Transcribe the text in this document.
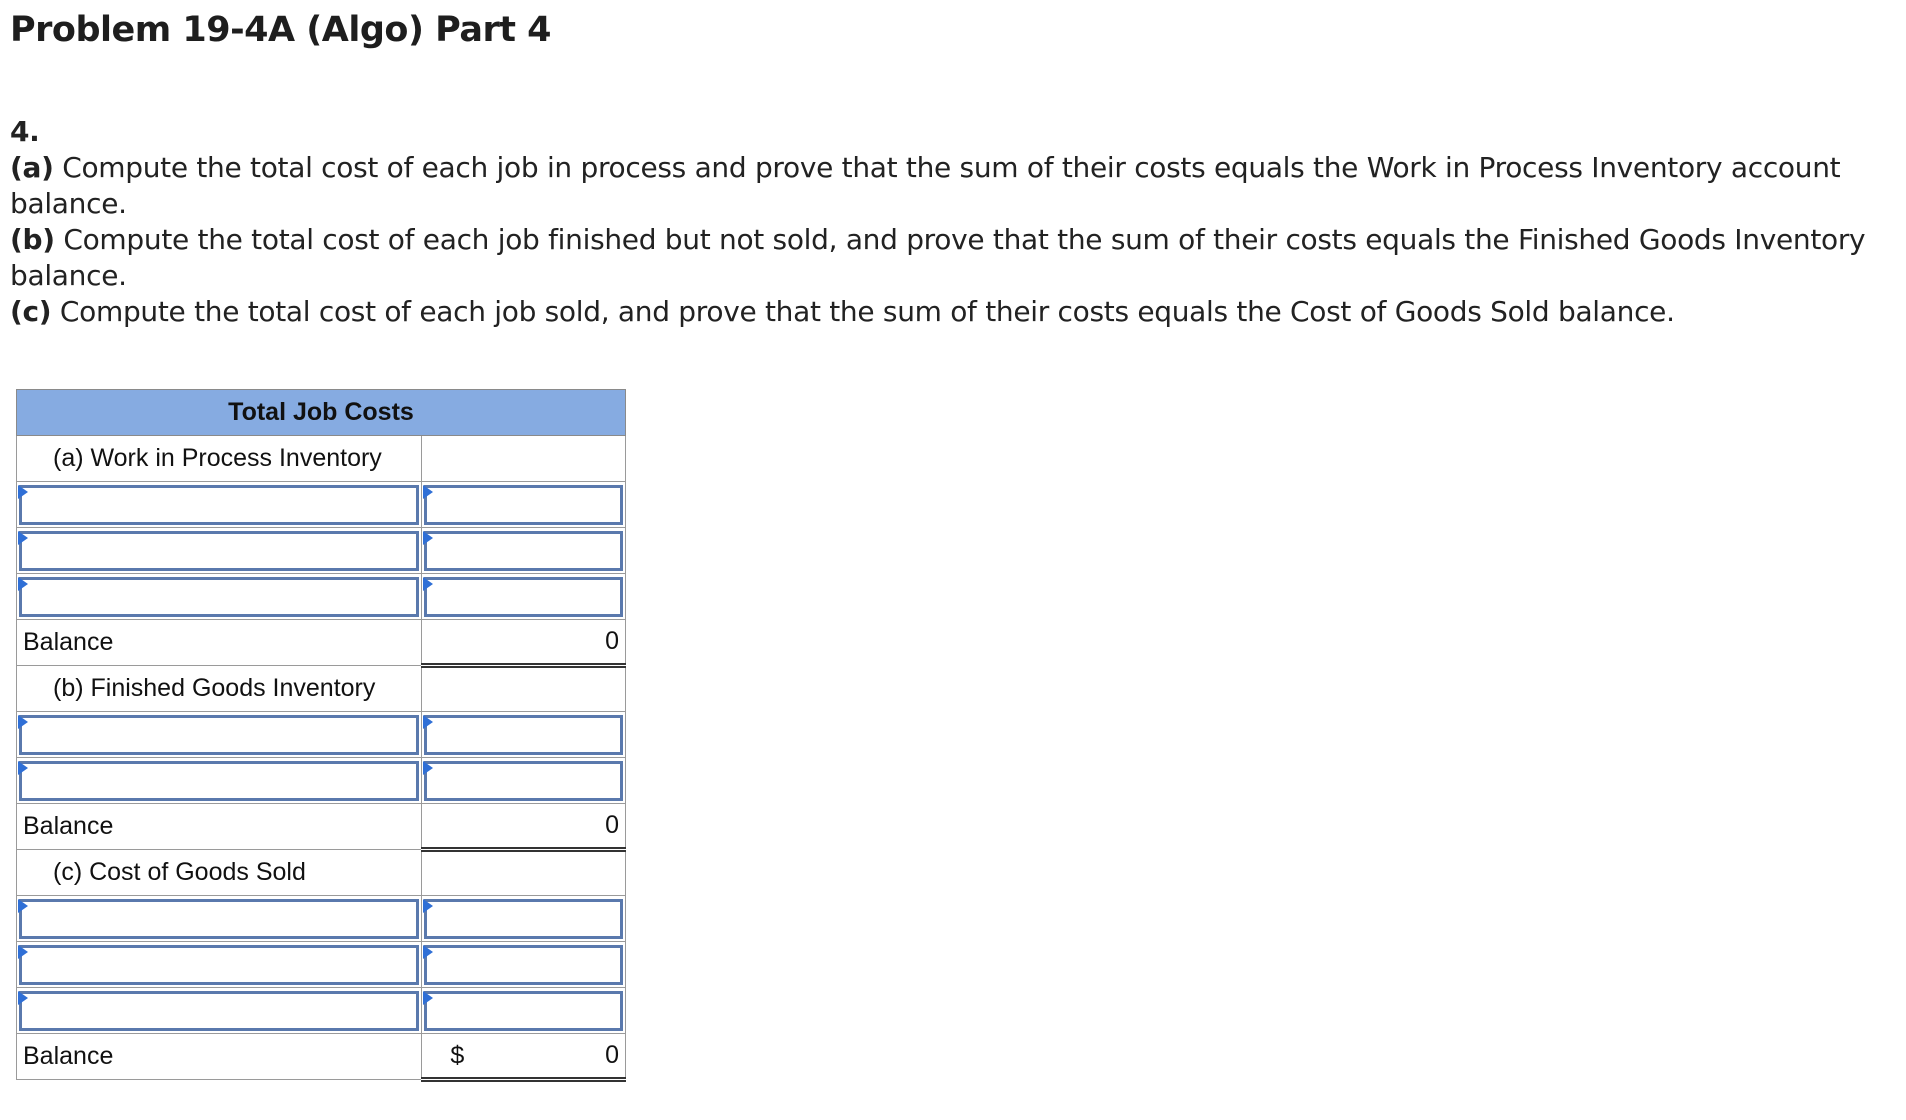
Problem 19-4A (Algo) Part 4
4.

(a) Compute the total cost of each job in process and prove that the sum of their costs equals the Work in Process Inventory account balance.

(b) Compute the total cost of each job finished but not sold, and prove that the sum of their costs equals the Finished Goods Inventory balance.

(c) Compute the total cost of each job sold, and prove that the sum of their costs equals the Cost of Goods Sold balance.

Total Job Costs	
(a) Work in Process Inventory	

Balance	0
(b) Finished Goods Inventory	

Balance	0
(c) Cost of Goods Sold	

Balance	$ 0
